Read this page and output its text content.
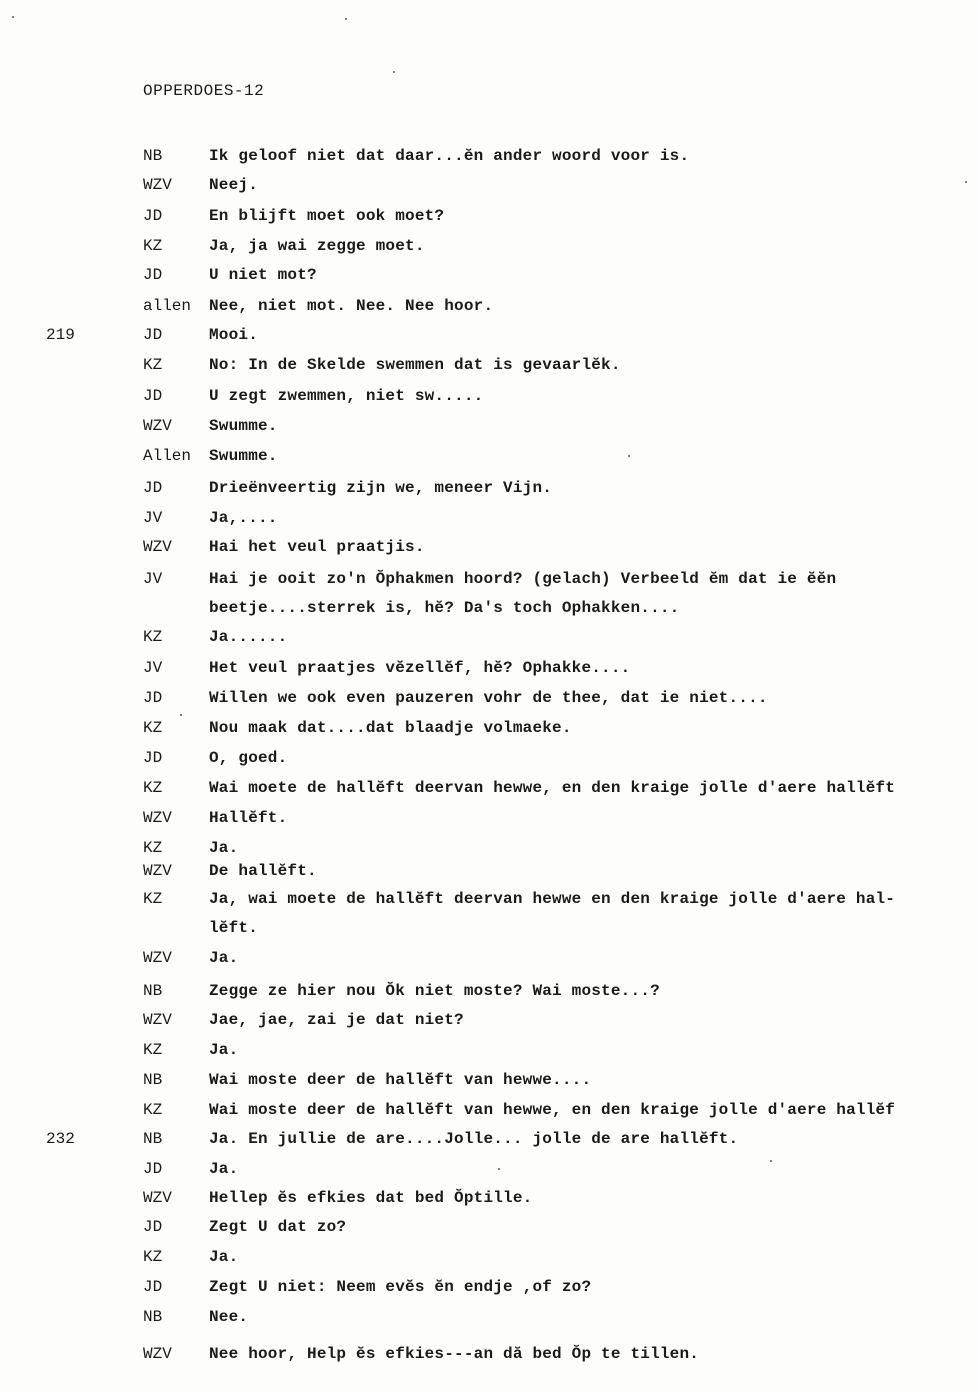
OPPERDOES-12
NB	Ik geloof niet dat daar...ĕn ander woord voor is.
WZV Neej.
JD	En blijft moet ook moet?
KZ	Ja, ja wai zegge moet.
JD	U niet mot?
allen Nee, niet mot. Nee. Nee hoor.
219	JD	Mooi.
KZ	No: In de Skelde swemmen dat is gevaarlĕk.
JD	U zegt zwemmen, niet sw.....
WZV Swumme.
Allen Swumme.
JD	Drieënveertig zijn we, meneer Vijn.
JV	Ja,....
WZV Hai het veul praatjis.
JV	Hai je ooit zo'n Ŏphakmen hoord? (gelach) Verbeeld ĕm dat ie ĕĕn
beetje....sterrek is, hĕ? Da's toch Ophakken....
KZ	Ja......
JV	Het veul praatjes vĕzellĕf, hĕ? Ophakke....
JD	Willen we ook even pauzeren vohr de thee, dat ie niet....
KZ	Nou maak dat....dat blaadje volmaeke.
JD	O, goed.
KZ	Wai moete de hallĕft deervan hewwe, en den kraige jolle d'aere hallĕft
WZV Hallĕft.
KZ	Ja.
WZV De hallĕft.
KZ	Ja, wai moete de hallĕft deervan hewwe en den kraige jolle d'aere hal-
lĕft.
WZV Ja.
NB	Zegge ze hier nou Ŏk niet moste? Wai moste...?
WZV Jae, jae, zai je dat niet?
KZ	Ja.
NB	Wai moste deer de hallĕft van hewwe....
KZ	Wai moste deer de hallĕft van hewwe, en den kraige jolle d'aere hallĕf
232	NB	Ja. En jullie de are....Jolle... jolle de are hallĕft.
JD	Ja.
WZV Hellep ĕs efkies dat bed Ŏptille.
JD	Zegt U dat zo?
KZ	Ja.
JD	Zegt U niet: Neem evĕs ĕn endje ,of zo?
NB	Nee.
WZV Nee hoor, Help ĕs efkies---an dă bed Ŏp te tillen.
